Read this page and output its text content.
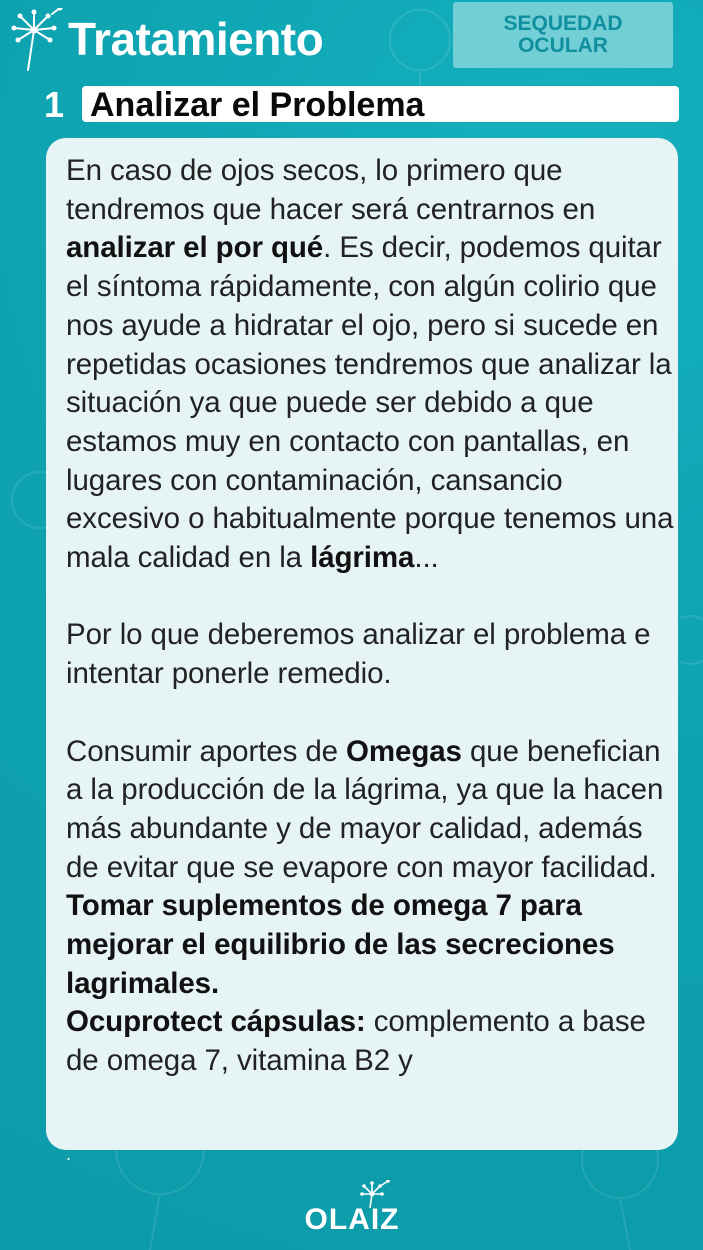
Tratamiento	SEQUEDAD
OCULAR
1 Analizar el Problema

En caso de ojos secos, lo primero que tendremos que hacer será centrarnos en analizar el por qué. Es decir, podemos quitar el síntoma rápidamente, con algún colirio que nos ayude a hidratar el ojo, pero si sucede en repetidas ocasiones tendremos que analizar la situación ya que puede ser debido a que estamos muy en contacto con pantallas, en lugares con contaminación, cansancio excesivo o habitualmente porque tenemos una mala calidad en la lágrima...

Por lo que deberemos analizar el problema e intentar ponerle remedio.

Consumir aportes de Omegas que benefician a la producción de la lágrima, ya que la hacen más abundante y de mayor calidad, además de evitar que se evapore con mayor facilidad. Tomar suplementos de omega 7 para mejorar el equilibrio de las secreciones lagrimales.
Ocuprotect cápsulas: complemento a base de omega 7, vitamina B2 y

.
OLAIZ
